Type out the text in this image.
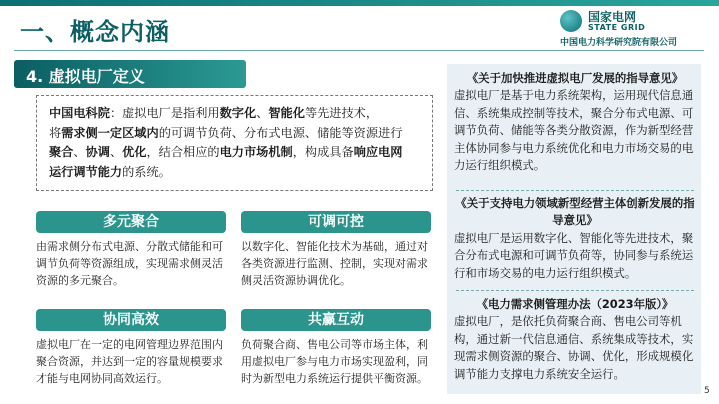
一、概念内涵
国家电网
STATE GRID
中国电力科学研究院有限公司
4. 虚拟电厂定义
中国电科院：虚拟电厂是指利用数字化、智能化等先进技术，
将需求侧一定区域内的可调节负荷、分布式电源、储能等资源进行
聚合、协调、优化，结合相应的电力市场机制，构成具备响应电网
运行调节能力的系统。
多元聚合
由需求侧分布式电源、分散式储能和可调节负荷等资源组成，实现需求侧灵活资源的多元聚合。
可调可控
以数字化、智能化技术为基础，通过对各类资源进行监测、控制，实现对需求侧灵活资源协调优化。
协同高效
虚拟电厂在一定的电网管理边界范围内聚合资源，并达到一定的容量规模要求才能与电网协同高效运行。
共赢互动
负荷聚合商、售电公司等市场主体，利用虚拟电厂参与电力市场实现盈利，同时为新型电力系统运行提供平衡资源。
《关于加快推进虚拟电厂发展的指导意见》
虚拟电厂是基于电力系统架构，运用现代信息通信、系统集成控制等技术，聚合分布式电源、可调节负荷、储能等各类分散资源，作为新型经营主体协同参与电力系统优化和电力市场交易的电力运行组织模式。
《关于支持电力领域新型经营主体创新发展的指导意见》
虚拟电厂是运用数字化、智能化等先进技术，聚合分布式电源和可调节负荷等，协同参与系统运行和市场交易的电力运行组织模式。
《电力需求侧管理办法（2023年版）》
虚拟电厂，是依托负荷聚合商、售电公司等机构，通过新一代信息通信、系统集成等技术，实现需求侧资源的聚合、协调、优化，形成规模化调节能力支撑电力系统安全运行。
5
